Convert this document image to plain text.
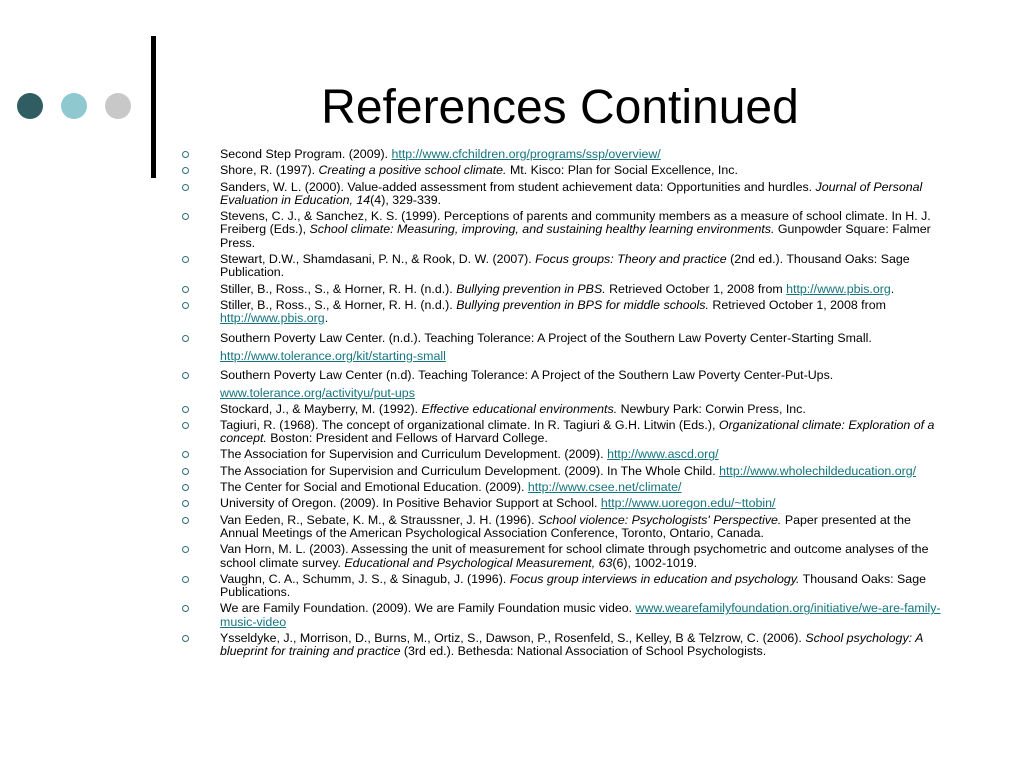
References Continued
Second Step Program. (2009). http://www.cfchildren.org/programs/ssp/overview/
Shore, R. (1997). Creating a positive school climate. Mt. Kisco: Plan for Social Excellence, Inc.
Sanders, W. L. (2000). Value-added assessment from student achievement data: Opportunities and hurdles. Journal of Personal Evaluation in Education, 14(4), 329-339.
Stevens, C. J., & Sanchez, K. S. (1999). Perceptions of parents and community members as a measure of school climate. In H. J. Freiberg (Eds.), School climate: Measuring, improving, and sustaining healthy learning environments. Gunpowder Square: Falmer Press.
Stewart, D.W., Shamdasani, P. N., & Rook, D. W. (2007). Focus groups: Theory and practice (2nd ed.). Thousand Oaks: Sage Publication.
Stiller, B., Ross., S., & Horner, R. H. (n.d.). Bullying prevention in PBS. Retrieved October 1, 2008 from http://www.pbis.org.
Stiller, B., Ross., S., & Horner, R. H. (n.d.). Bullying prevention in BPS for middle schools. Retrieved October 1, 2008 from http://www.pbis.org.
Southern Poverty Law Center. (n.d.). Teaching Tolerance: A Project of the Southern Law Poverty Center-Starting Small. http://www.tolerance.org/kit/starting-small
Southern Poverty Law Center (n.d). Teaching Tolerance: A Project of the Southern Law Poverty Center-Put-Ups. www.tolerance.org/activityu/put-ups
Stockard, J., & Mayberry, M. (1992). Effective educational environments. Newbury Park: Corwin Press, Inc.
Tagiuri, R. (1968). The concept of organizational climate. In R. Tagiuri & G.H. Litwin (Eds.), Organizational climate: Exploration of a concept. Boston: President and Fellows of Harvard College.
The Association for Supervision and Curriculum Development. (2009). http://www.ascd.org/
The Association for Supervision and Curriculum Development. (2009). In The Whole Child. http://www.wholechildeducation.org/
The Center for Social and Emotional Education. (2009). http://www.csee.net/climate/
University of Oregon. (2009). In Positive Behavior Support at School. http://www.uoregon.edu/~ttobin/
Van Eeden, R., Sebate, K. M., & Straussner, J. H. (1996). School violence: Psychologists' Perspective. Paper presented at the Annual Meetings of the American Psychological Association Conference, Toronto, Ontario, Canada.
Van Horn, M. L. (2003). Assessing the unit of measurement for school climate through psychometric and outcome analyses of the school climate survey. Educational and Psychological Measurement, 63(6), 1002-1019.
Vaughn, C. A., Schumm, J. S., & Sinagub, J. (1996). Focus group interviews in education and psychology. Thousand Oaks: Sage Publications.
We are Family Foundation. (2009). We are Family Foundation music video. www.wearefamilyfoundation.org/initiative/we-are-family-music-video
Ysseldyke, J., Morrison, D., Burns, M., Ortiz, S., Dawson, P., Rosenfeld, S., Kelley, B & Telzrow, C. (2006). School psychology: A blueprint for training and practice (3rd ed.). Bethesda: National Association of School Psychologists.
